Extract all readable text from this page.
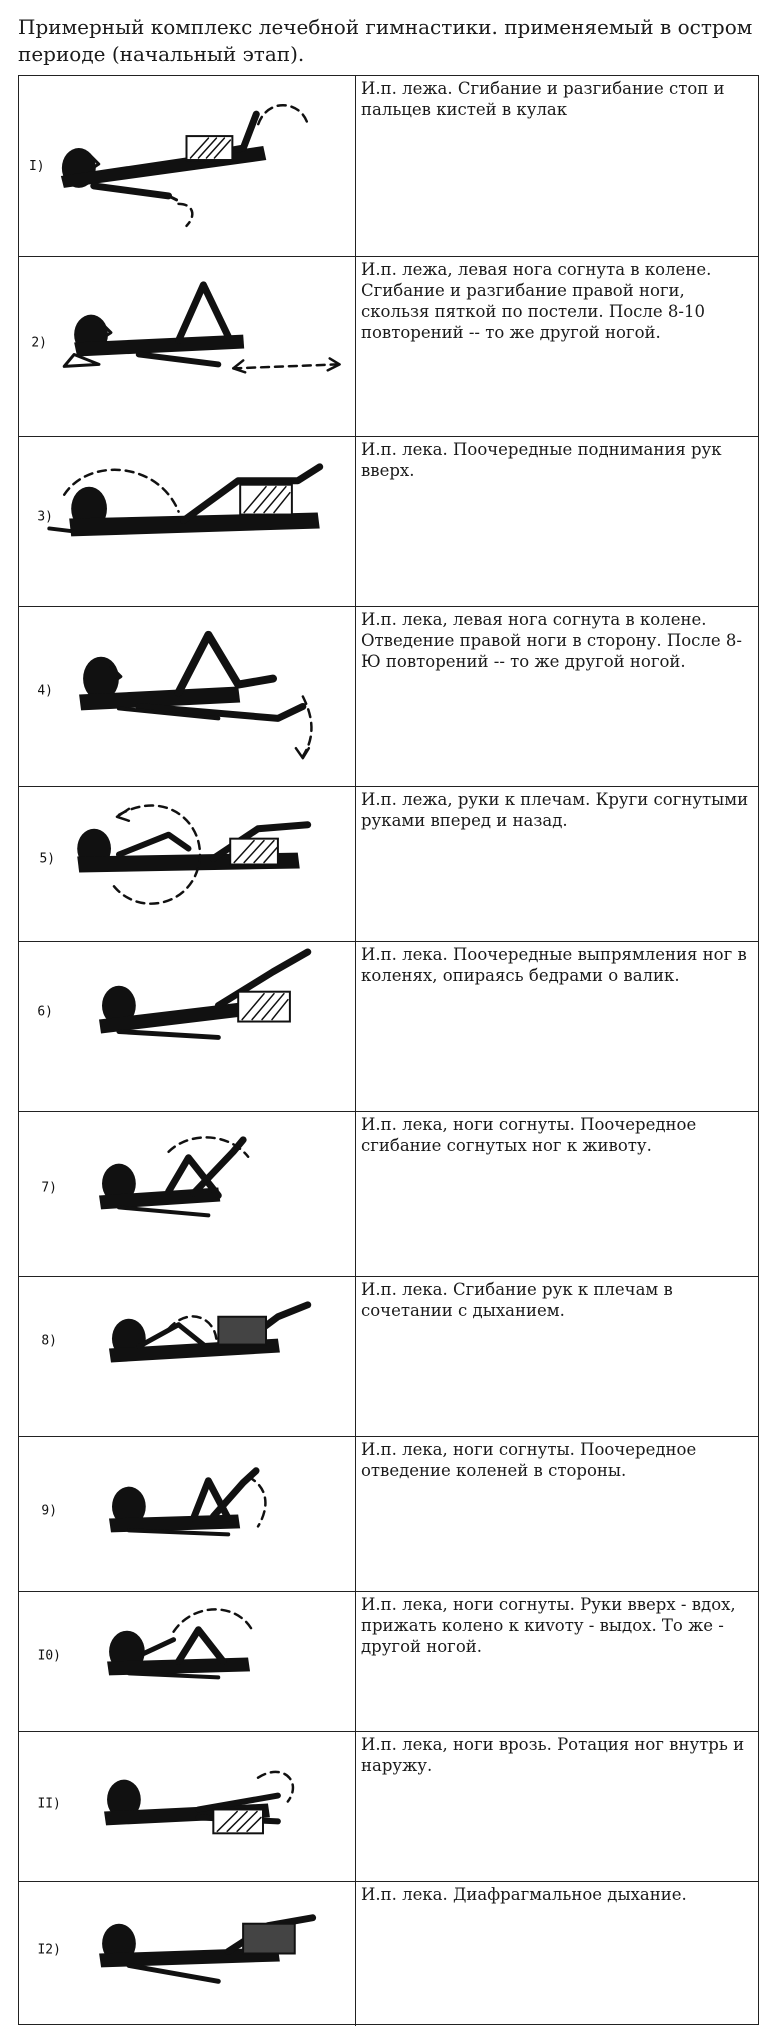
Примерный комплекс лечебной гимнастики. применяемый в остром периоде (начальный этап).
I)
И.п. лежа. Сгибание и разгибание стоп и пальцев кистей в кулак
2)
И.п. лежа, левая нога согнута в колене. Сгибание и разгибание правой ноги, скользя пяткой по постели. После 8-10 повторений -- то же другой ногой.
3)
И.п. лека. Поочередные поднимания рук вверх.
4)
И.п. лека, левая нога согнута в колене. Отведение правой ноги в сторону. После 8-Ю повторений -- то же другой ногой.
5)
И.п. лежа, руки к плечам. Круги согнутыми руками вперед и назад.
6)
И.п. лека. Поочередные выпрямления ног в коленях, опираясь бедрами о валик.
7)
И.п. лека, ноги согнуты. Поочередное сгибание согнутых ног к животу.
8)
И.п. лека. Сгибание рук к плечам в сочетании с дыханием.
9)
И.п. лека, ноги согнуты. Поочередное отведение коленей в стороны.
I0)
И.п. лека, ноги согнуты. Руки вверх - вдох, прижать колено к киvоту - выдох. То же - другой ногой.
II)
И.п. лека, ноги врозь. Ротация ног внутрь и наружу.
I2)
И.п. лека. Диафрагмальное дыхание.
